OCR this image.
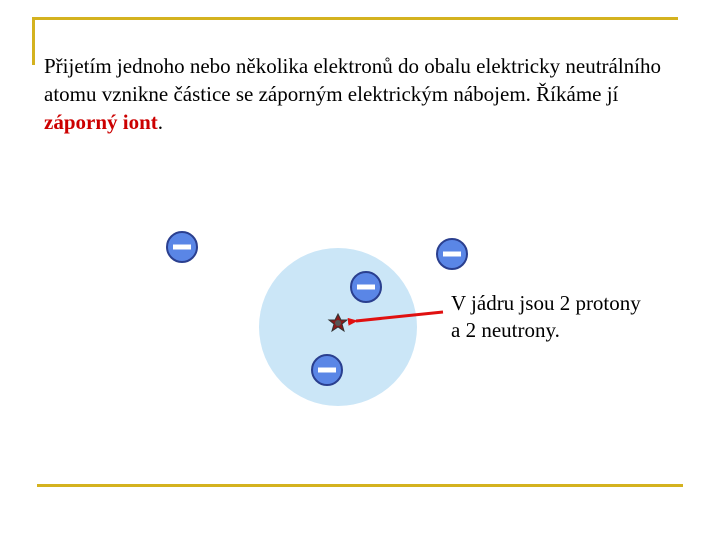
Přijetím jednoho nebo několika elektronů do obalu elektricky neutrálního atomu vznikne částice se záporným elektrickým nábojem. Říkáme jí záporný iont.
V jádru jsou 2 protony
a 2 neutrony.
